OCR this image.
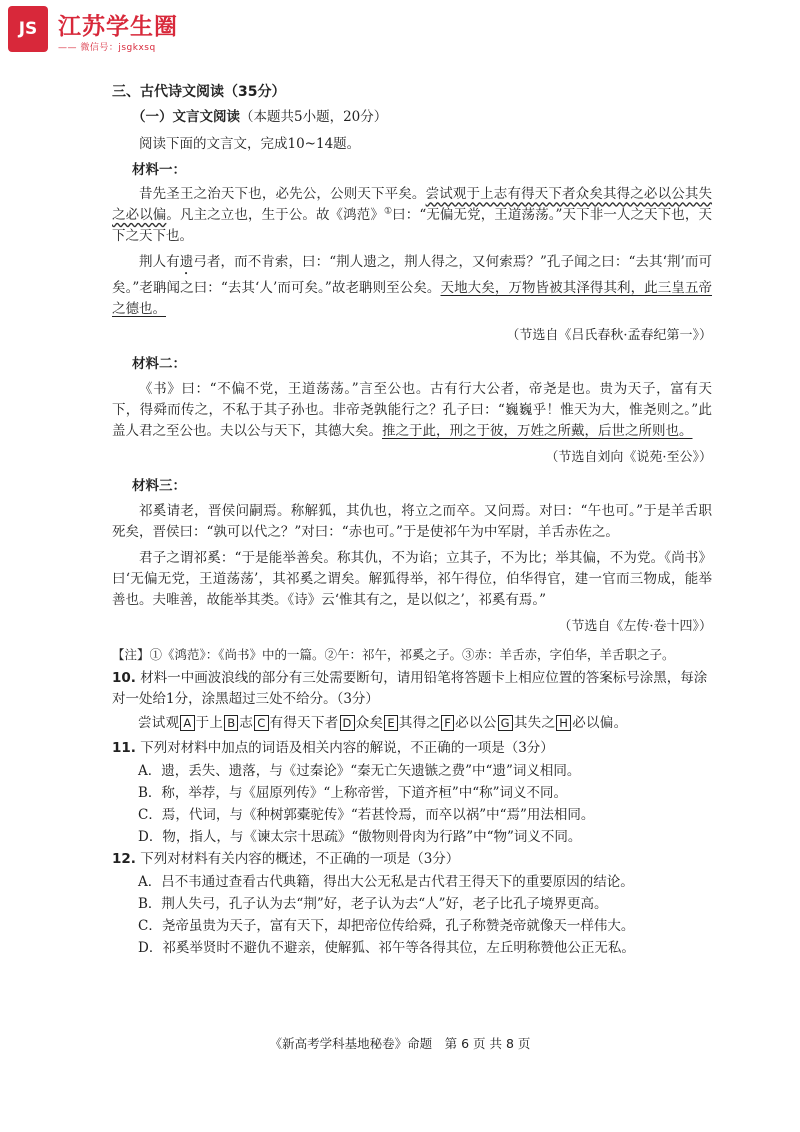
JS 江苏学生圈
—— 微信号：jsgkxsq
三、古代诗文阅读（35分）
（一）文言文阅读（本题共5小题，20分）
阅读下面的文言文，完成10~14题。
材料一：
昔先圣王之治天下也，必先公，公则天下平矣。尝试观于上志有得天下者众矣其得之必以公其失之必以偏。凡主之立也，生于公。故《鸿范》①曰：“无偏无党，王道荡荡。”天下非一人之天下也，天下之天下也。
荆人有遗弓者，而不肯索，曰：“荆人遗之，荆人得之，又何索焉？”孔子闻之曰：“去其‘荆’而可矣。”老聃闻之曰：“去其‘人’而可矣。”故老聃则至公矣。天地大矣，万物皆被其泽得其利，此三皇五帝之德也。
（节选自《吕氏春秋·孟春纪第一》）
材料二：
《书》曰：“不偏不党，王道荡荡。”言至公也。古有行大公者，帝尧是也。贵为天子，富有天下，得舜而传之，不私于其子孙也。非帝尧孰能行之？孔子曰：“巍巍乎！惟天为大，惟尧则之。”此盖人君之至公也。夫以公与天下，其德大矣。推之于此，刑之于彼，万姓之所戴，后世之所则也。
（节选自刘向《说苑·至公》）
材料三：
祁奚请老，晋侯问嗣焉。称解狐，其仇也，将立之而卒。又问焉。对曰：“午也可。”于是羊舌职死矣，晋侯曰：“孰可以代之？”对曰：“赤也可。”于是使祁午为中军尉，羊舌赤佐之。
君子之谓祁奚：“于是能举善矣。称其仇，不为谄；立其子，不为比；举其偏，不为党。《尚书》曰‘无偏无党，王道荡荡’，其祁奚之谓矣。解狐得举，祁午得位，伯华得官，建一官而三物成，能举善也。夫唯善，故能举其类。《诗》云‘惟其有之，是以似之’，祁奚有焉。”
（节选自《左传·卷十四》）
【注】①《鸿范》：《尚书》中的一篇。②午：祁午，祁奚之子。③赤：羊舌赤，字伯华，羊舌职之子。
10. 材料一中画波浪线的部分有三处需要断句，请用铅笔将答题卡上相应位置的答案标号涂黑，每涂对一处给1分，涂黑超过三处不给分。（3分）
尝试观 A 于上 B 志 C 有得天下者 D 众矣 E 其得之 F 必以公 G 其失之 H 必以偏。
11. 下列对材料中加点的词语及相关内容的解说，不正确的一项是（3分）
A．遗，丢失、遗落，与《过秦论》“秦无亡矢遗镞之费”中“遗”词义相同。
B．称，举荐，与《屈原列传》“上称帝喾，下道齐桓”中“称”词义不同。
C．焉，代词，与《种树郭橐驼传》“若甚怜焉，而卒以祸”中“焉”用法相同。
D．物，指人，与《谏太宗十思疏》“傲物则骨肉为行路”中“物”词义不同。
12. 下列对材料有关内容的概述，不正确的一项是（3分）
A．吕不韦通过查看古代典籍，得出大公无私是古代君王得天下的重要原因的结论。
B．荆人失弓，孔子认为去“荆”好，老子认为去“人”好，老子比孔子境界更高。
C．尧帝虽贵为天子，富有天下，却把帝位传给舜，孔子称赞尧帝就像天一样伟大。
D．祁奚举贤时不避仇不避亲，使解狐、祁午等各得其位，左丘明称赞他公正无私。
《新高考学科基地秘卷》命题　第 6 页 共 8 页
